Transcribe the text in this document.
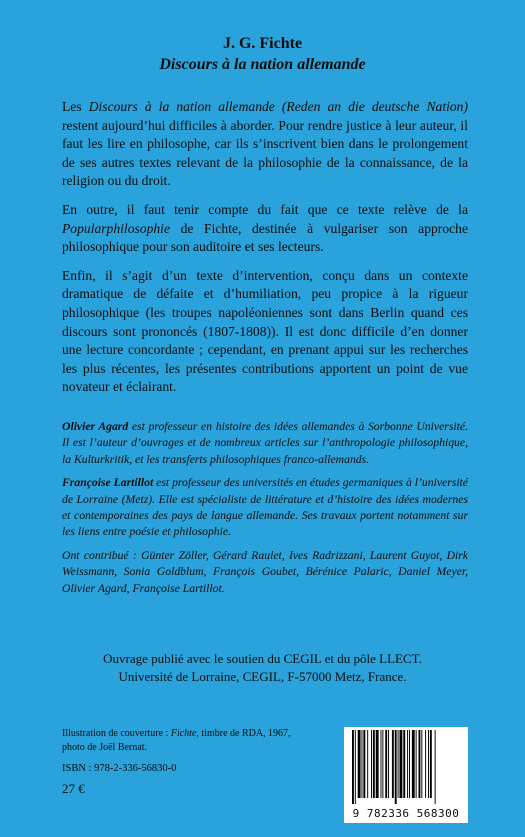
J. G. Fichte
Discours à la nation allemande

Les Discours à la nation allemande (Reden an die deutsche Nation) restent aujourd’hui difficiles à aborder. Pour rendre justice à leur auteur, il faut les lire en philosophe, car ils s’inscrivent bien dans le prolongement de ses autres textes relevant de la philosophie de la connaissance, de la religion ou du droit.

En outre, il faut tenir compte du fait que ce texte relève de la Popularphilosophie de Fichte, destinée à vulgariser son approche philosophique pour son auditoire et ses lecteurs.

Enfin, il s’agit d’un texte d’intervention, conçu dans un contexte dramatique de défaite et d’humiliation, peu propice à la rigueur philosophique (les troupes napoléoniennes sont dans Berlin quand ces discours sont prononcés (1807-1808)). Il est donc difficile d’en donner une lecture concordante ; cependant, en prenant appui sur les recherches les plus récentes, les présentes contributions apportent un point de vue novateur et éclairant.

Olivier Agard est professeur en histoire des idées allemandes à Sorbonne Université. Il est l’auteur d’ouvrages et de nombreux articles sur l’anthropologie philosophique, la Kulturkritik, et les transferts philosophiques franco-allemands.

Françoise Lartillot est professeur des universités en études germaniques à l’université de Lorraine (Metz). Elle est spécialiste de littérature et d’histoire des idées modernes et contemporaines des pays de langue allemande. Ses travaux portent notamment sur les liens entre poésie et philosophie.

Ont contribué : Günter Zöller, Gérard Raulet, Ives Radrizzani, Laurent Guyot, Dirk Weissmann, Sonia Goldblum, François Goubet, Bérénice Palaric, Daniel Meyer, Olivier Agard, Françoise Lartillot.

Ouvrage publié avec le soutien du CEGIL et du pôle LLECT.
Université de Lorraine, CEGIL, F-57000 Metz, France.
Illustration de couverture : Fichte, timbre de RDA, 1967,
photo de Joël Bernat.
ISBN : 978-2-336-56830-0
27 €
9 782336 568300
